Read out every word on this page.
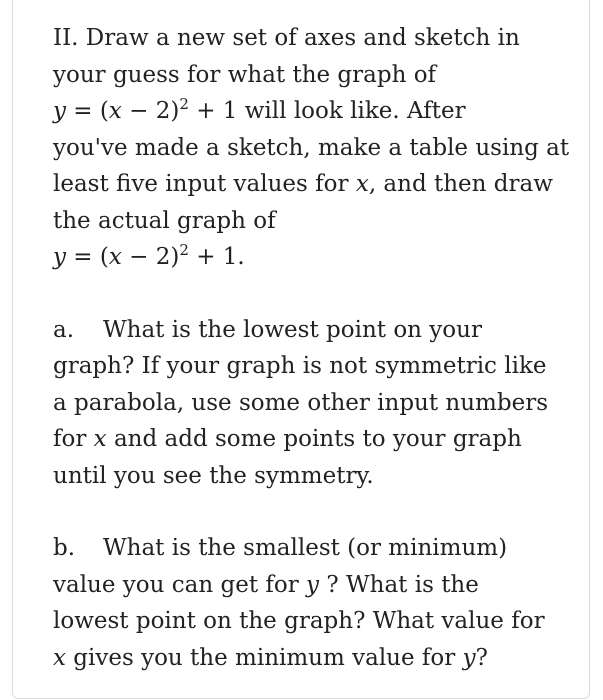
II. Draw a new set of axes and sketch in
your guess for what the graph of
$y = (x - 2)^2 + 1$ will look like. After
you've made a sketch, make a table using at
least five input values for x, and then draw
the actual graph of
$y = (x - 2)^2 + 1$.
a. What is the lowest point on your
graph? If your graph is not symmetric like
a parabola, use some other input numbers
for x and add some points to your graph
until you see the symmetry.
b. What is the smallest (or minimum)
value you can get for y ? What is the
lowest point on the graph? What value for
x gives you the minimum value for y?
